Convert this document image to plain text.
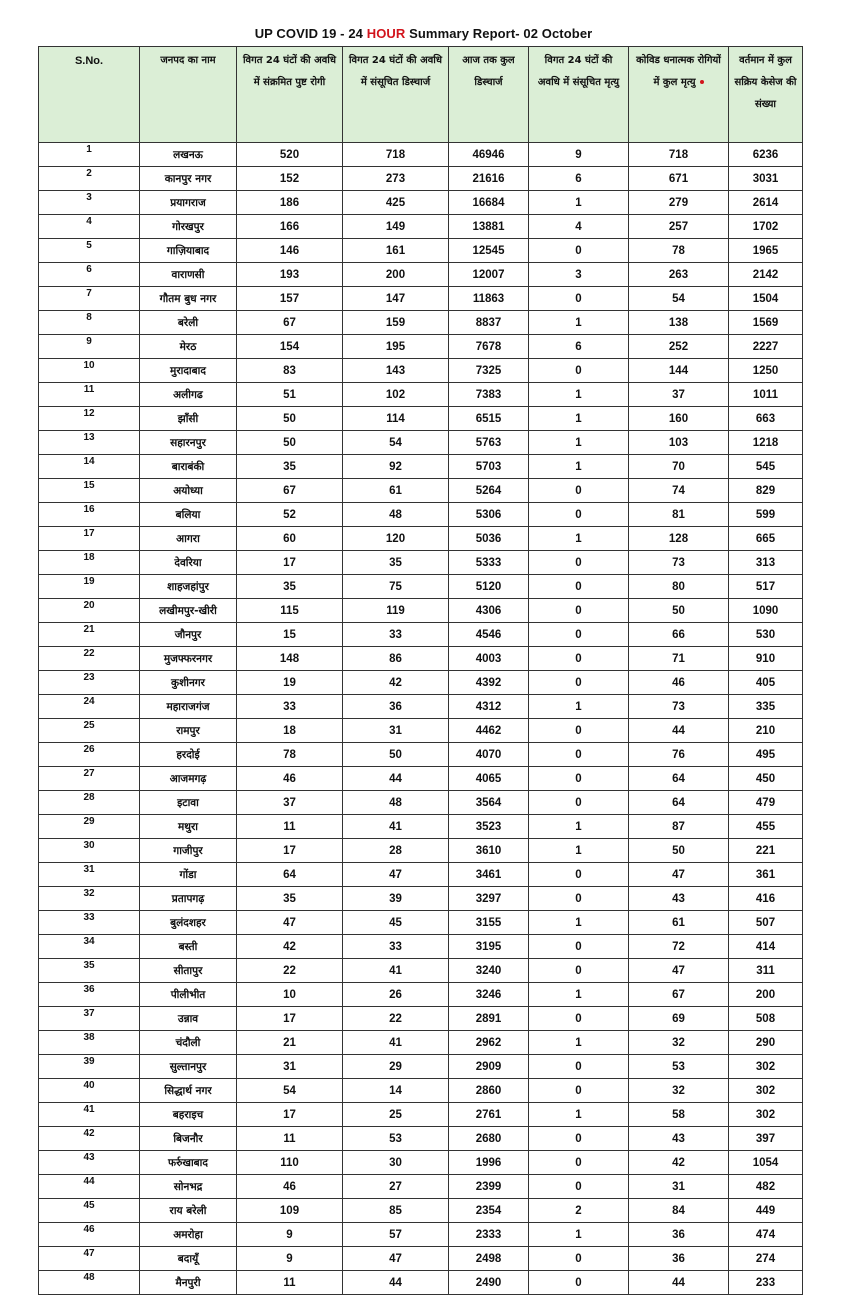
UP COVID 19 - 24 HOUR Summary Report- 02 October
S.No.	जनपद का नाम	विगत 24 घंटों की अवधि में संक्रमित पुष्ट रोगी	विगत 24 घंटों की अवधि में संसूचित डिस्चार्ज	आज तक कुल डिस्चार्ज	विगत 24 घंटों की अवधि में संसूचित मृत्यु	कोविड धनात्मक रोगियों में कुल मृत्यु	वर्तमान में कुल सक्रिय केसेज की संख्या
1	लखनऊ	520	718	46946	9	718	6236
2	कानपुर नगर	152	273	21616	6	671	3031
3	प्रयागराज	186	425	16684	1	279	2614
4	गोरखपुर	166	149	13881	4	257	1702
5	गाज़ियाबाद	146	161	12545	0	78	1965
6	वाराणसी	193	200	12007	3	263	2142
7	गौतम बुध नगर	157	147	11863	0	54	1504
8	बरेली	67	159	8837	1	138	1569
9	मेरठ	154	195	7678	6	252	2227
10	मुरादाबाद	83	143	7325	0	144	1250
11	अलीगढ	51	102	7383	1	37	1011
12	झाँसी	50	114	6515	1	160	663
13	सहारनपुर	50	54	5763	1	103	1218
14	बाराबंकी	35	92	5703	1	70	545
15	अयोध्या	67	61	5264	0	74	829
16	बलिया	52	48	5306	0	81	599
17	आगरा	60	120	5036	1	128	665
18	देवरिया	17	35	5333	0	73	313
19	शाहजहांपुर	35	75	5120	0	80	517
20	लखीमपुर-खीरी	115	119	4306	0	50	1090
21	जौनपुर	15	33	4546	0	66	530
22	मुजफ्फरनगर	148	86	4003	0	71	910
23	कुशीनगर	19	42	4392	0	46	405
24	महाराजगंज	33	36	4312	1	73	335
25	रामपुर	18	31	4462	0	44	210
26	हरदोई	78	50	4070	0	76	495
27	आजमगढ़	46	44	4065	0	64	450
28	इटावा	37	48	3564	0	64	479
29	मथुरा	11	41	3523	1	87	455
30	गाजीपुर	17	28	3610	1	50	221
31	गोंडा	64	47	3461	0	47	361
32	प्रतापगढ़	35	39	3297	0	43	416
33	बुलंदशहर	47	45	3155	1	61	507
34	बस्ती	42	33	3195	0	72	414
35	सीतापुर	22	41	3240	0	47	311
36	पीलीभीत	10	26	3246	1	67	200
37	उन्नाव	17	22	2891	0	69	508
38	चंदौली	21	41	2962	1	32	290
39	सुल्तानपुर	31	29	2909	0	53	302
40	सिद्धार्थ नगर	54	14	2860	0	32	302
41	बहराइच	17	25	2761	1	58	302
42	बिजनौर	11	53	2680	0	43	397
43	फर्रुखाबाद	110	30	1996	0	42	1054
44	सोनभद्र	46	27	2399	0	31	482
45	राय बरेली	109	85	2354	2	84	449
46	अमरोहा	9	57	2333	1	36	474
47	बदायूँ	9	47	2498	0	36	274
48	मैनपुरी	11	44	2490	0	44	233
